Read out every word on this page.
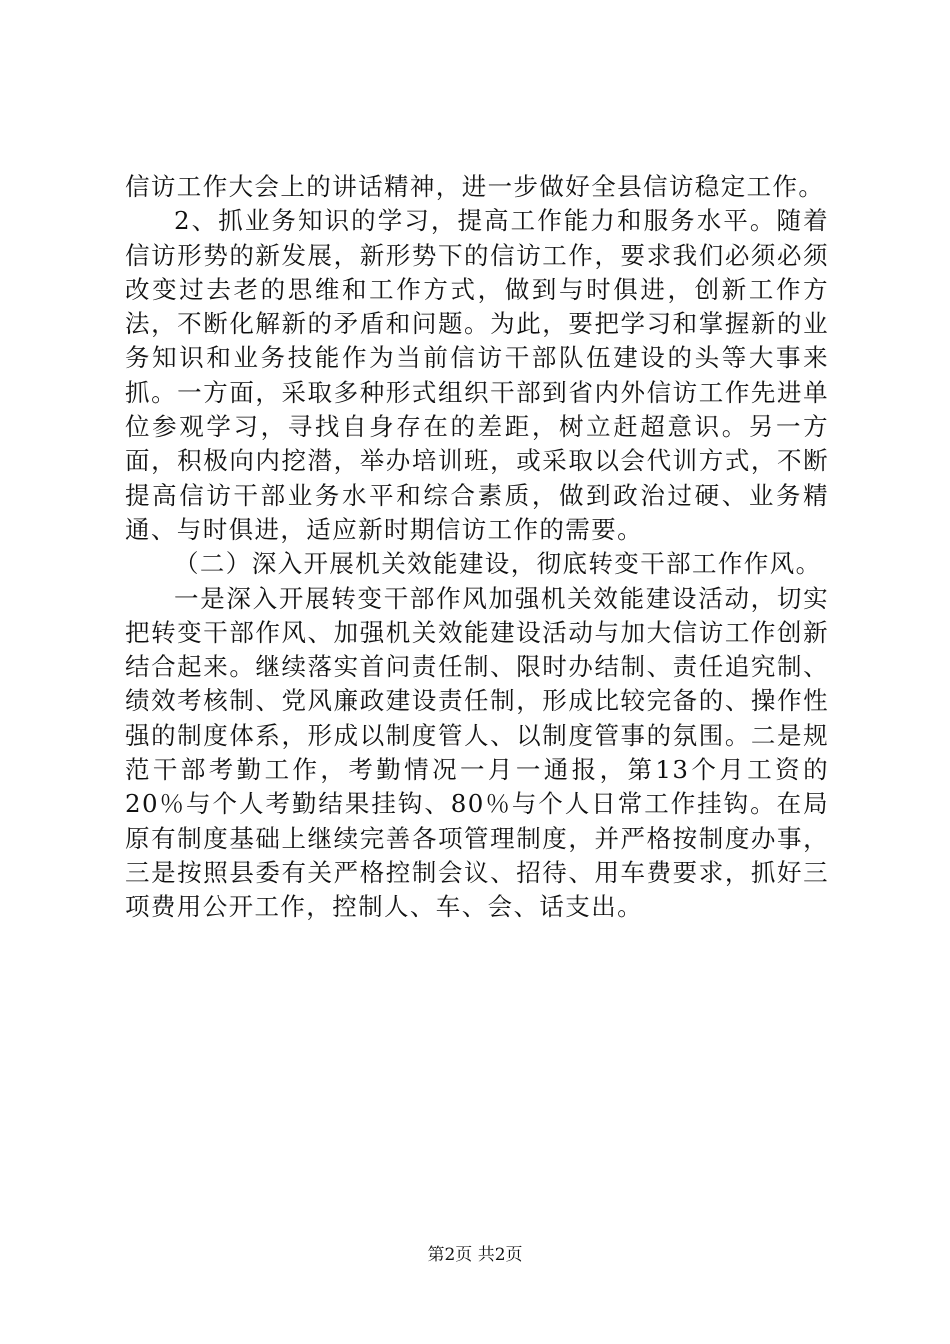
信访工作大会上的讲话精神，进一步做好全县信访稳定工作。

2、抓业务知识的学习，提高工作能力和服务水平。随着信访形势的新发展，新形势下的信访工作，要求我们必须必须改变过去老的思维和工作方式，做到与时俱进，创新工作方法，不断化解新的矛盾和问题。为此，要把学习和掌握新的业务知识和业务技能作为当前信访干部队伍建设的头等大事来抓。一方面，采取多种形式组织干部到省内外信访工作先进单位参观学习，寻找自身存在的差距，树立赶超意识。另一方面，积极向内挖潜，举办培训班，或采取以会代训方式，不断提高信访干部业务水平和综合素质，做到政治过硬、业务精通、与时俱进，适应新时期信访工作的需要。

（二）深入开展机关效能建设，彻底转变干部工作作风。

一是深入开展转变干部作风加强机关效能建设活动，切实把转变干部作风、加强机关效能建设活动与加大信访工作创新结合起来。继续落实首问责任制、限时办结制、责任追究制、绩效考核制、党风廉政建设责任制，形成比较完备的、操作性强的制度体系，形成以制度管人、以制度管事的氛围。二是规范干部考勤工作，考勤情况一月一通报，第13个月工资的20％与个人考勤结果挂钩、80％与个人日常工作挂钩。在局原有制度基础上继续完善各项管理制度，并严格按制度办事，三是按照县委有关严格控制会议、招待、用车费要求，抓好三项费用公开工作，控制人、车、会、话支出。

第2页 共2页
